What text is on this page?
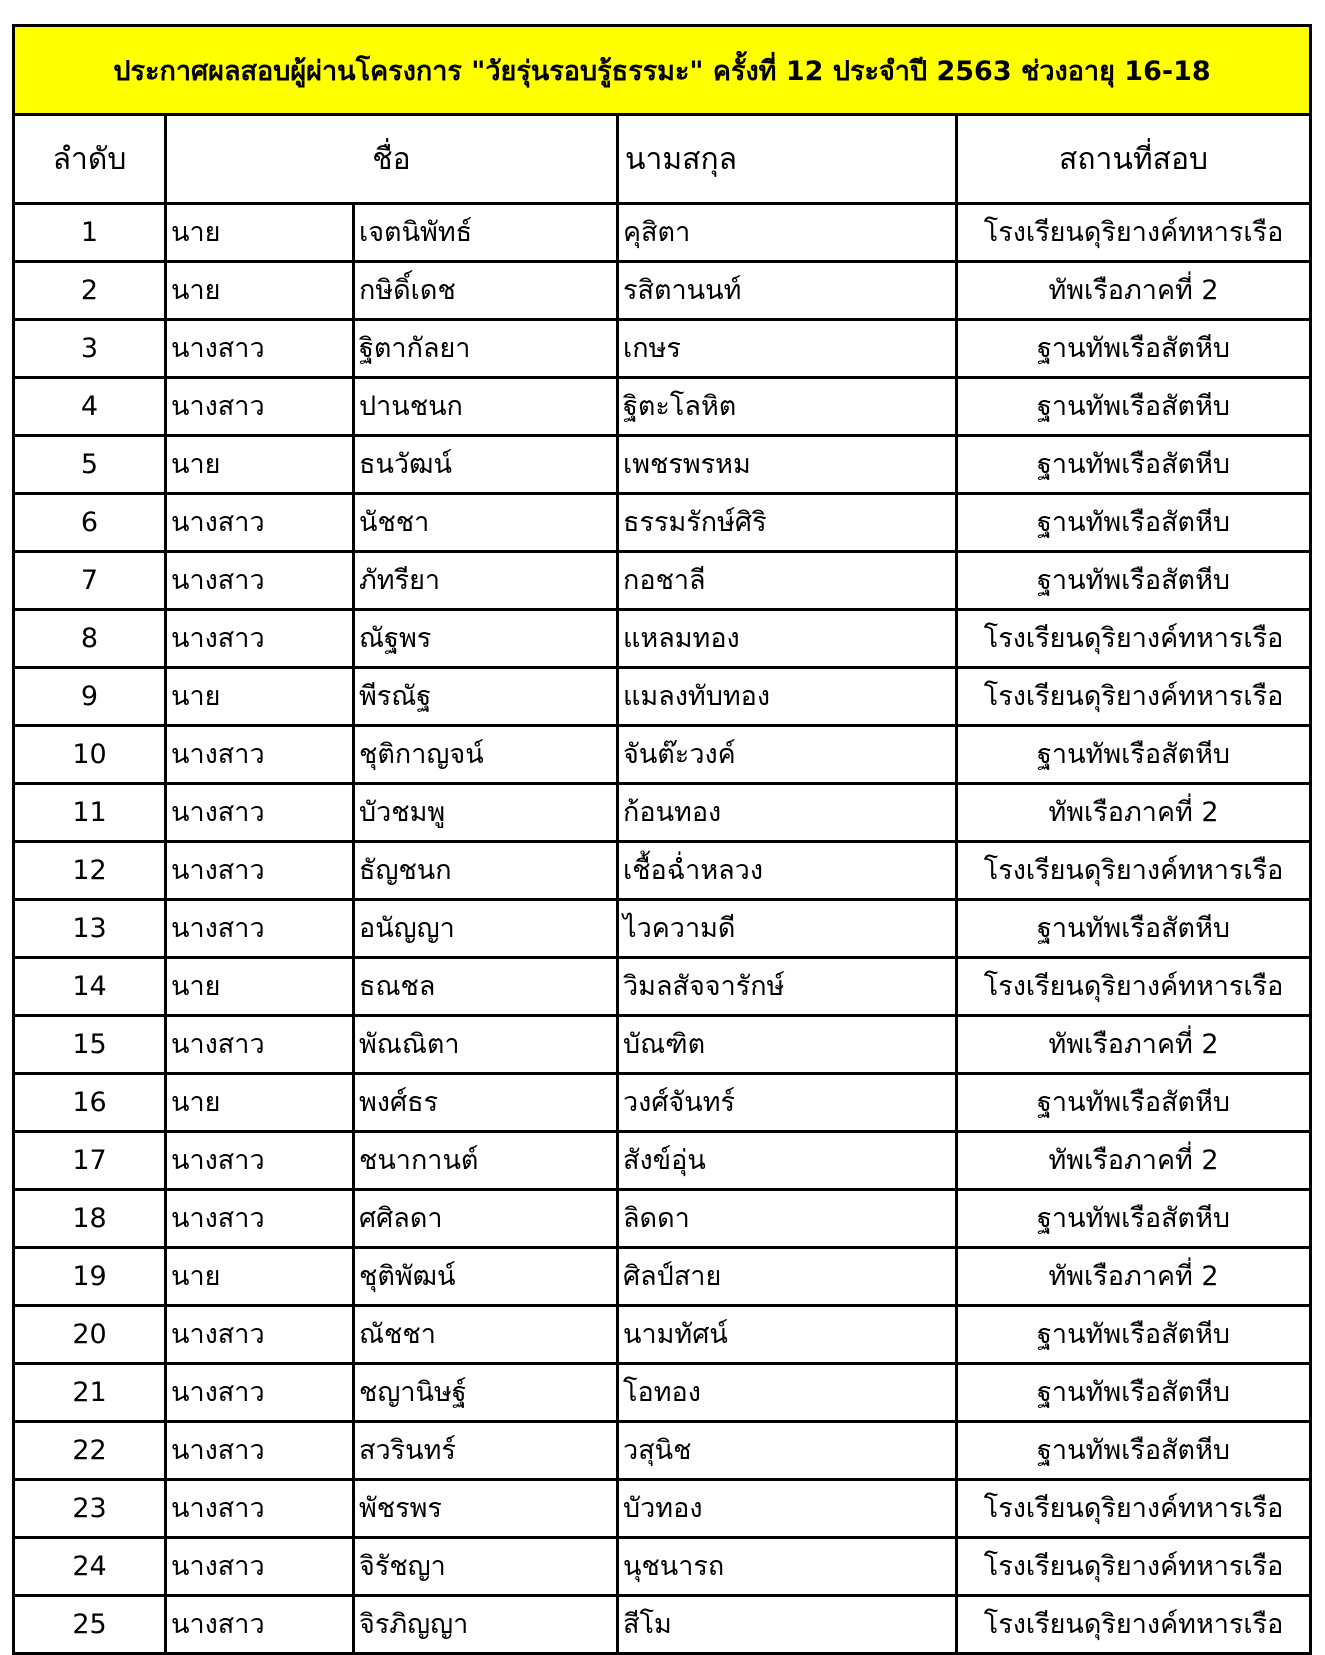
ประกาศผลสอบผู้ผ่านโครงการ "วัยรุ่นรอบรู้ธรรมะ" ครั้งที่ 12 ประจำปี 2563 ช่วงอายุ 16-18				
ลำดับ	ชื่อ		นามสกุล	สถานที่สอบ
1	นาย	เจตนิพัทธ์	คุสิตา	โรงเรียนดุริยางค์ทหารเรือ
2	นาย	กษิดิ์เดช	รสิตานนท์	ทัพเรือภาคที่ 2
3	นางสาว	ฐิตากัลยา	เกษร	ฐานทัพเรือสัตหีบ
4	นางสาว	ปานชนก	ฐิตะโลหิต	ฐานทัพเรือสัตหีบ
5	นาย	ธนวัฒน์	เพชรพรหม	ฐานทัพเรือสัตหีบ
6	นางสาว	นัชชา	ธรรมรักษ์ศิริ	ฐานทัพเรือสัตหีบ
7	นางสาว	ภัทรียา	กอชาลี	ฐานทัพเรือสัตหีบ
8	นางสาว	ณัฐพร	แหลมทอง	โรงเรียนดุริยางค์ทหารเรือ
9	นาย	พีรณัฐ	แมลงทับทอง	โรงเรียนดุริยางค์ทหารเรือ
10	นางสาว	ชุติกาญจน์	จันต๊ะวงค์	ฐานทัพเรือสัตหีบ
11	นางสาว	บัวชมพู	ก้อนทอง	ทัพเรือภาคที่ 2
12	นางสาว	ธัญชนก	เชื้อฉ่ำหลวง	โรงเรียนดุริยางค์ทหารเรือ
13	นางสาว	อนัญญา	ไวความดี	ฐานทัพเรือสัตหีบ
14	นาย	ธณชล	วิมลสัจจารักษ์	โรงเรียนดุริยางค์ทหารเรือ
15	นางสาว	พัณณิตา	บัณฑิต	ทัพเรือภาคที่ 2
16	นาย	พงศ์ธร	วงศ์จันทร์	ฐานทัพเรือสัตหีบ
17	นางสาว	ชนากานต์	สังข์อุ่น	ทัพเรือภาคที่ 2
18	นางสาว	ศศิลดา	ลิดดา	ฐานทัพเรือสัตหีบ
19	นาย	ชุติพัฒน์	ศิลป์สาย	ทัพเรือภาคที่ 2
20	นางสาว	ณัชชา	นามทัศน์	ฐานทัพเรือสัตหีบ
21	นางสาว	ชญานิษฐ์	โอทอง	ฐานทัพเรือสัตหีบ
22	นางสาว	สวรินทร์	วสุนิช	ฐานทัพเรือสัตหีบ
23	นางสาว	พัชรพร	บัวทอง	โรงเรียนดุริยางค์ทหารเรือ
24	นางสาว	จิรัชญา	นุชนารถ	โรงเรียนดุริยางค์ทหารเรือ
25	นางสาว	จิรภิญญา	สีโม	โรงเรียนดุริยางค์ทหารเรือ
